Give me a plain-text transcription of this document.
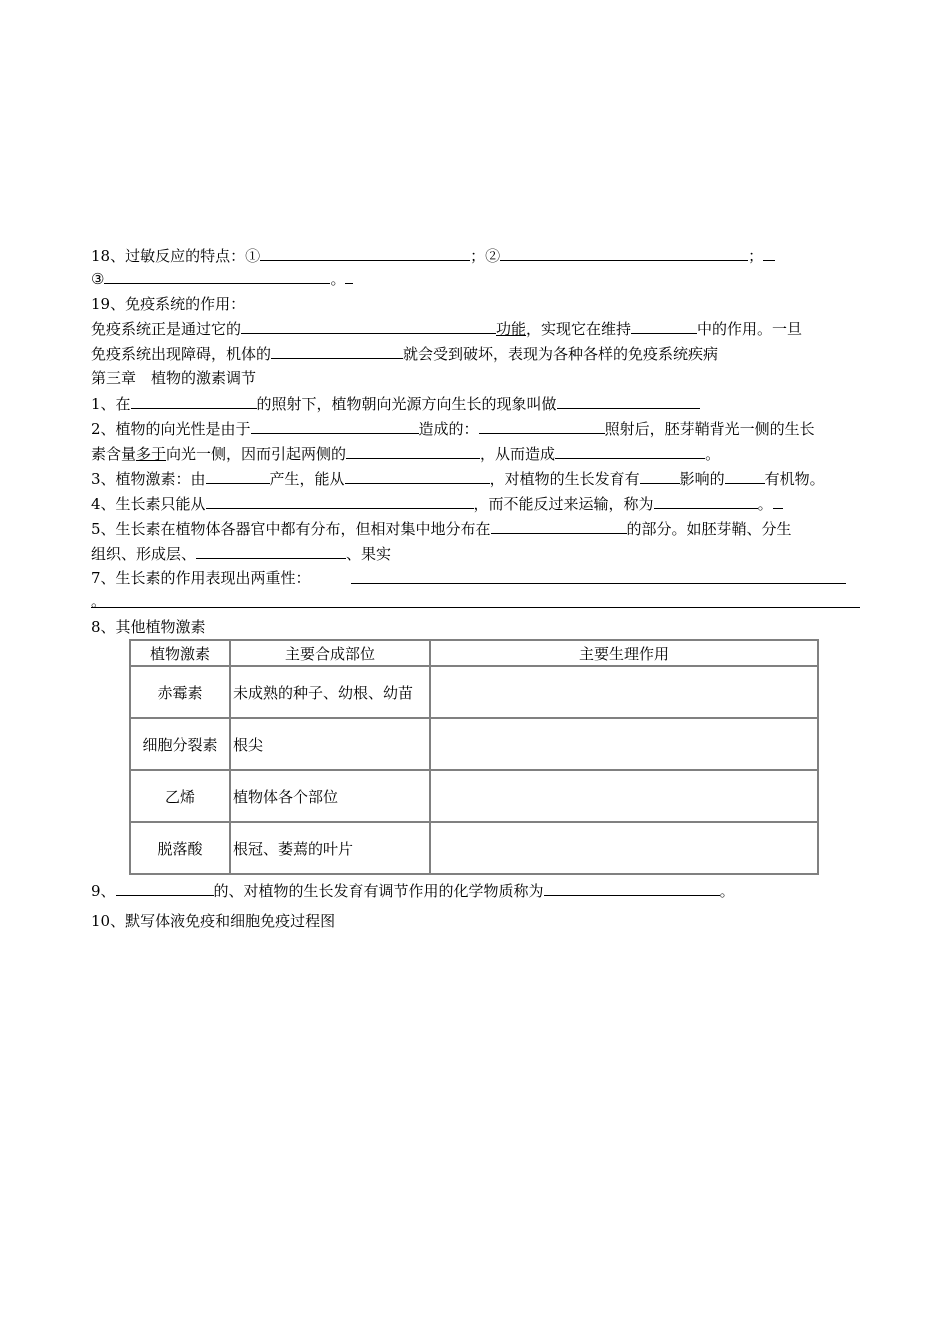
18、过敏反应的特点：①	；②	；
③	。
19、免疫系统的作用：
免疫系统正是通过它的	功能，实现它在维持	中的作用。一旦
免疫系统出现障碍，机体的	就会受到破坏，表现为各种各样的免疫系统疾病
第三章　植物的激素调节
1、在	的照射下，植物朝向光源方向生长的现象叫做
2、植物的向光性是由于	造成的：	照射后，胚芽鞘背光一侧的生长
素含量多于向光一侧，因而引起两侧的	，从而造成	。
3、植物激素：由	产生，能从	，对植物的生长发育有	影响的	有机物。
4、生长素只能从	，而不能反过来运输，称为	。
5、生长素在植物体各器官中都有分布，但相对集中地分布在	的部分。如胚芽鞘、分生
组织、形成层、	、果实
7、生长素的作用表现出两重性：
。
8、其他植物激素
植物激素	主要合成部位	主要生理作用
赤霉素	未成熟的种子、幼根、幼苗	
细胞分裂素	根尖	
乙烯	植物体各个部位	
脱落酸	根冠、萎蔫的叶片	
9、	的、对植物的生长发育有调节作用的化学物质称为	。
10、默写体液免疫和细胞免疫过程图
